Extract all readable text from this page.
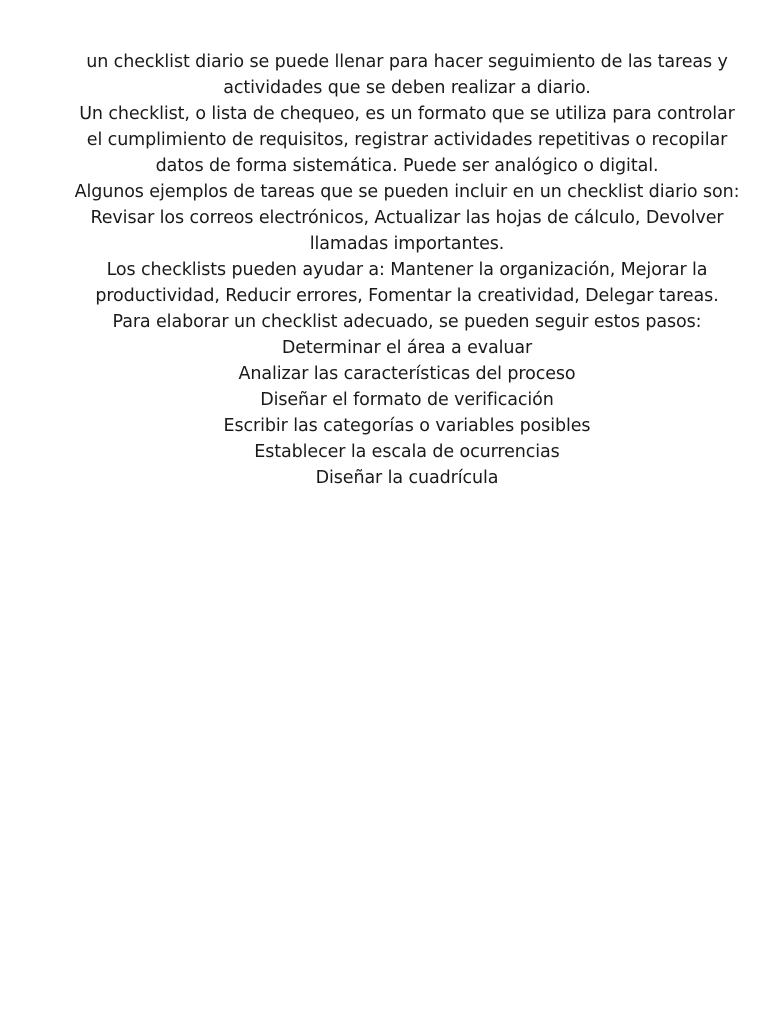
un checklist diario se puede llenar para hacer seguimiento de las tareas y actividades que se deben realizar a diario.

Un checklist, o lista de chequeo, es un formato que se utiliza para controlar el cumplimiento de requisitos, registrar actividades repetitivas o recopilar datos de forma sistemática. Puede ser analógico o digital.

Algunos ejemplos de tareas que se pueden incluir en un checklist diario son: Revisar los correos electrónicos, Actualizar las hojas de cálculo, Devolver llamadas importantes.

Los checklists pueden ayudar a: Mantener la organización, Mejorar la productividad, Reducir errores, Fomentar la creatividad, Delegar tareas.

Para elaborar un checklist adecuado, se pueden seguir estos pasos:

Determinar el área a evaluar
Analizar las características del proceso
Diseñar el formato de verificación
Escribir las categorías o variables posibles
Establecer la escala de ocurrencias
Diseñar la cuadrícula
